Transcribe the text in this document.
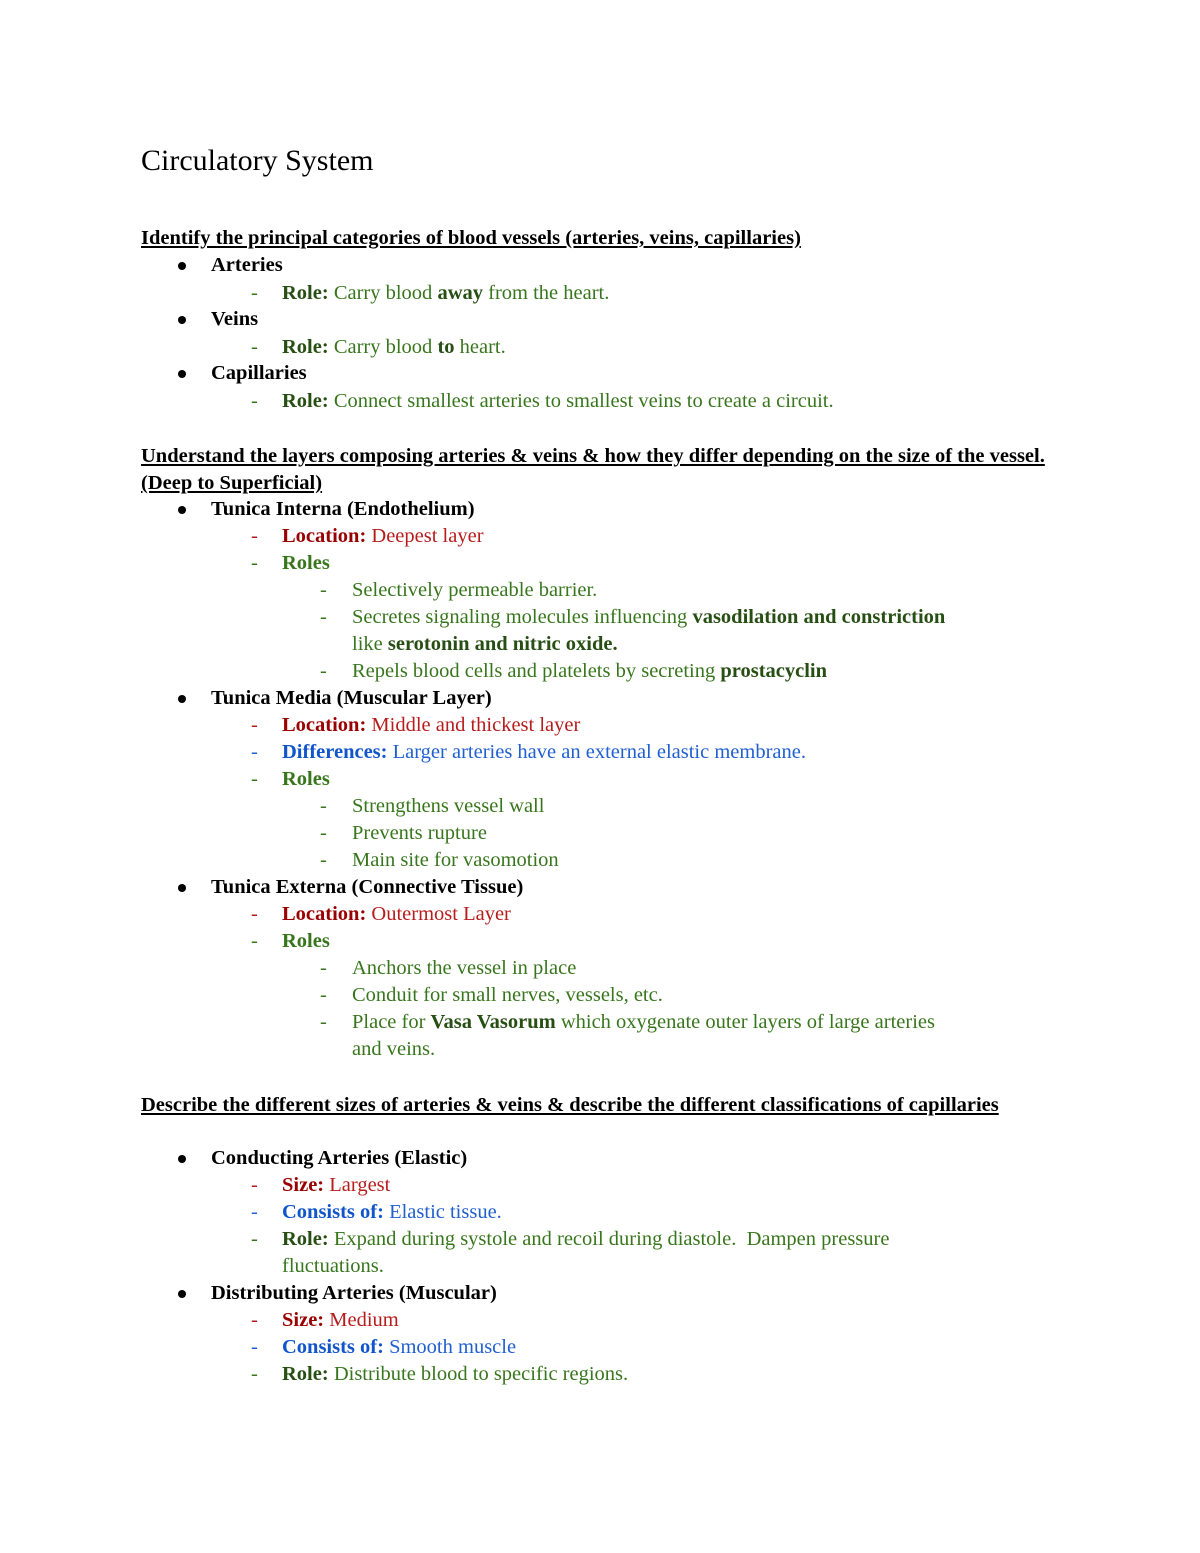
Circulatory System
Identify the principal categories of blood vessels (arteries, veins, capillaries)
Arteries
- Role: Carry blood away from the heart.
Veins
- Role: Carry blood to heart.
Capillaries
- Role: Connect smallest arteries to smallest veins to create a circuit.
Understand the layers composing arteries & veins & how they differ depending on the size of the vessel. (Deep to Superficial)
Tunica Interna (Endothelium)
- Location: Deepest layer
- Roles
- Selectively permeable barrier.
- Secretes signaling molecules influencing vasodilation and constriction
like serotonin and nitric oxide.
- Repels blood cells and platelets by secreting prostacyclin
Tunica Media (Muscular Layer)
- Location: Middle and thickest layer
- Differences: Larger arteries have an external elastic membrane.
- Roles
- Strengthens vessel wall
- Prevents rupture
- Main site for vasomotion
Tunica Externa (Connective Tissue)
- Location: Outermost Layer
- Roles
- Anchors the vessel in place
- Conduit for small nerves, vessels, etc.
- Place for Vasa Vasorum which oxygenate outer layers of large arteries
and veins.
Describe the different sizes of arteries & veins & describe the different classifications of capillaries
Conducting Arteries (Elastic)
- Size: Largest
- Consists of: Elastic tissue.
- Role: Expand during systole and recoil during diastole.  Dampen pressure
fluctuations.
Distributing Arteries (Muscular)
- Size: Medium
- Consists of: Smooth muscle
- Role: Distribute blood to specific regions.
